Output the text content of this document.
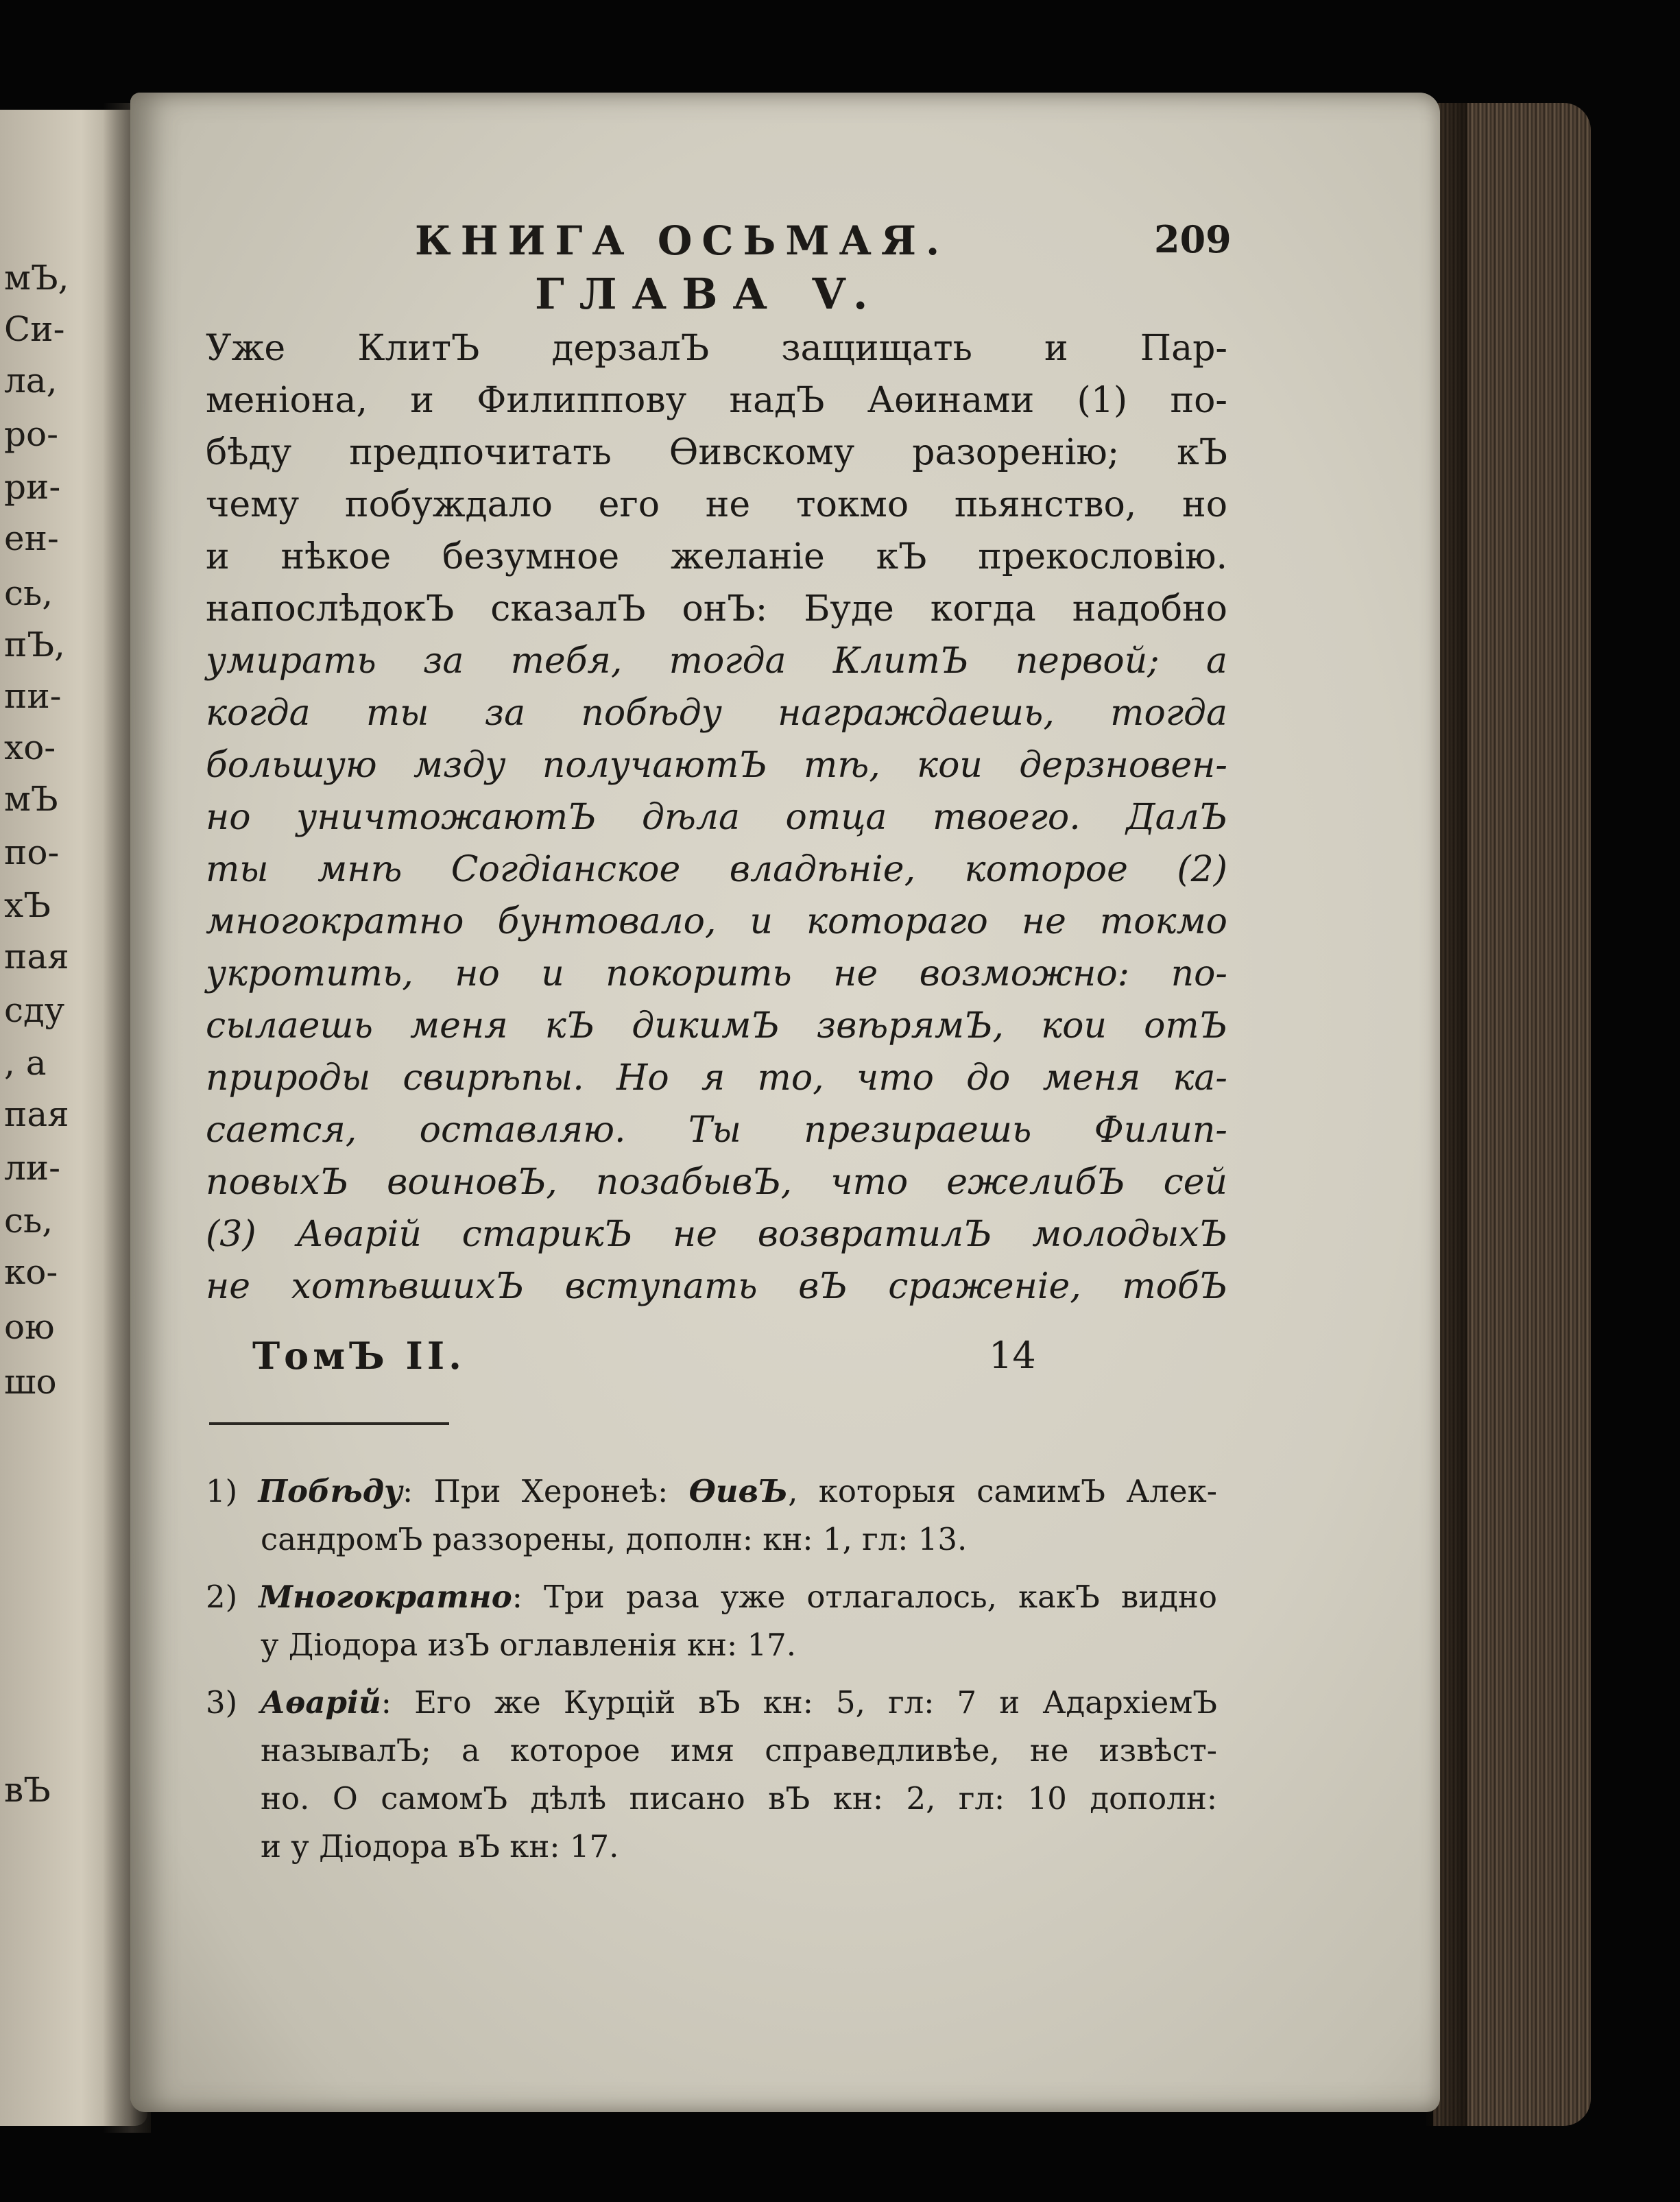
мЪ,

Си-

ла,

ро-

ри-

ен-

сь,

пЪ,

пи-

хо-

мЪ

по-

хЪ

пая

сду

, а

пая

ли-

сь,

ко-

ою

шо

вЪ

КНИГА ОСЬМАЯ.	209

ГЛАВА V.

Уже КлитЪ дерзалЪ защищать и Пар-

меніона, и Филиппову надЪ Аѳинами (1) по-

бѣду предпочитать Ѳивскому разоренію; кЪ

чему побуждало его не токмо пьянство, но

и нѣкое безумное желаніе кЪ прекословію.

напослѣдокЪ сказалЪ онЪ: Буде когда надобно

умирать за тебя, тогда КлитЪ первой; а

когда ты за побѣду награждаешь, тогда

большую мзду получаютЪ тѣ, кои дерзновен-

но уничтожаютЪ дѣла отца твоего. ДалЪ

ты мнѣ Согдіанское владѣніе, которое (2)

многократно бунтовало, и котораго не токмо

укротить, но и покорить не возможно: по-

сылаешь меня кЪ дикимЪ звѣрямЪ, кои отЪ

природы свирѣпы. Но я то, что до меня ка-

сается, оставляю. Ты презираешь Филип-

повыхЪ воиновЪ, позабывЪ, что ежелибЪ сей

(3) Аѳарій старикЪ не возвратилЪ молодыхЪ

не хотѣвшихЪ вступать вЪ сраженіе, тобЪ

ТомЪ II.	14

1) Побѣду: При Херонеѣ: ѲивЪ, которыя самимЪ Алек-

сандромЪ раззорены, дополн: кн: 1, гл: 13.

2) Многократно: Три раза уже отлагалось, какЪ видно

у Діодора изЪ оглавленія кн: 17.

3) Аѳарій: Его же Курцій вЪ кн: 5, гл: 7 и АдархіемЪ

называлЪ; а которое имя справедливѣе, не извѣст-

но. О самомЪ дѣлѣ писано вЪ кн: 2, гл: 10 дополн:

и у Діодора вЪ кн: 17.
